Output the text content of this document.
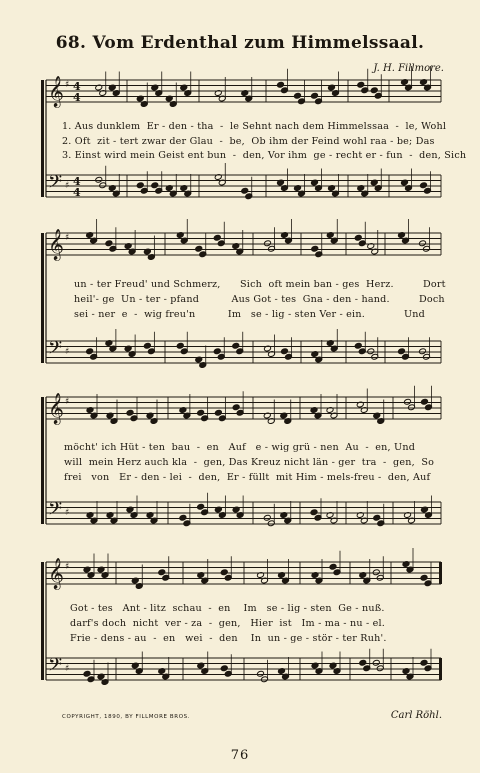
68. Vom Erdenthal zum Himmelssaal.
J. H. Fillmore.
𝄞
𝄢
♯
♯
4
4
4
4
𝄞
𝄢
♯
♯
𝄞
𝄢
♯
♯
𝄞
𝄢
♯
♯
1. Aus dunklem  Er - den - tha  -  le Sehnt nach dem Himmelssaa  -  le, Wohl
2. Oft  zit - tert zwar der Glau  -  be,  Ob ihm der Feind wohl raa - be; Das
3. Einst wird mein Geist ent bun  -  den, Vor ihm  ge - recht er - fun  -  den, Sich
un - ter Freud' und Schmerz,      Sich  oft mein ban - ges  Herz.         Dort
heil'- ge  Un - ter - pfand          Aus Got - tes  Gna - den - hand.         Doch
sei - ner  e  -  wig freu'n          Im   se - lig - sten Ver - ein.            Und
möcht' ich Hüt - ten  bau  -  en   Auf   e - wig grü - nen  Au  -  en, Und
will  mein Herz auch kla  -  gen, Das Kreuz nicht län - ger  tra  -  gen,  So
frei   von   Er - den - lei  -  den,  Er - füllt  mit Him - mels-freu -  den, Auf
Got - tes   Ant - litz  schau  -  en    Im   se - lig - sten  Ge - nuß.
darf's doch  nicht  ver - za  -  gen,   Hier  ist   Im - ma - nu - el.
Frie - dens - au  -  en   wei  -  den    In  un - ge - stör - ter Ruh'.
COPYRIGHT, 1890, BY FILLMORE BROS.	Carl Röhl.
76
